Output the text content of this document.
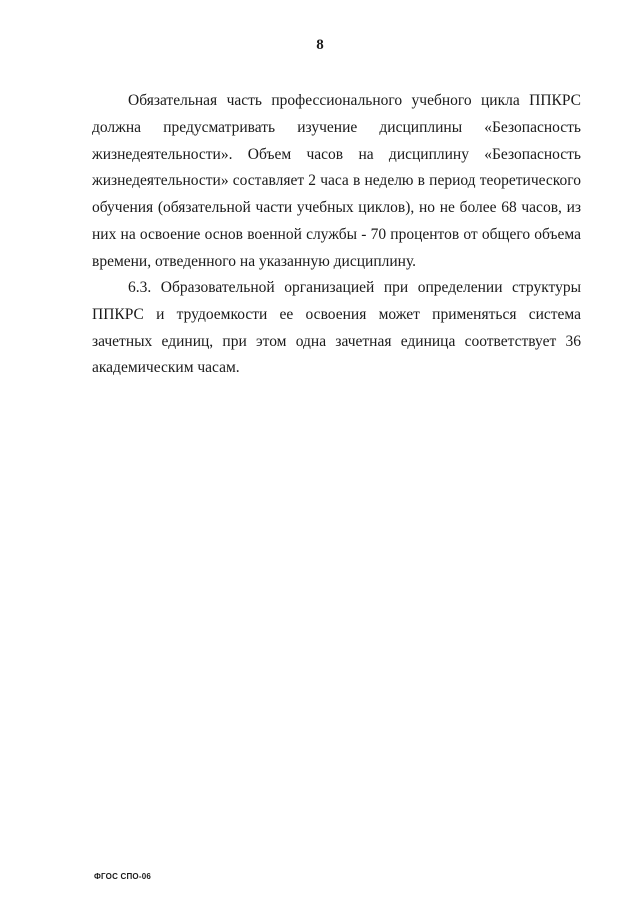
8

Обязательная часть профессионального учебного цикла ППКРС должна предусматривать изучение дисциплины «Безопасность жизнедеятельности». Объем часов на дисциплину «Безопасность жизнедеятельности» составляет 2 часа в неделю в период теоретического обучения (обязательной части учебных циклов), но не более 68 часов, из них на освоение основ военной службы - 70 процентов от общего объема времени, отведенного на указанную дисциплину.

6.3. Образовательной организацией при определении структуры ППКРС и трудоемкости ее освоения может применяться система зачетных единиц, при этом одна зачетная единица соответствует 36 академическим часам.

ФГОС СПО-06
